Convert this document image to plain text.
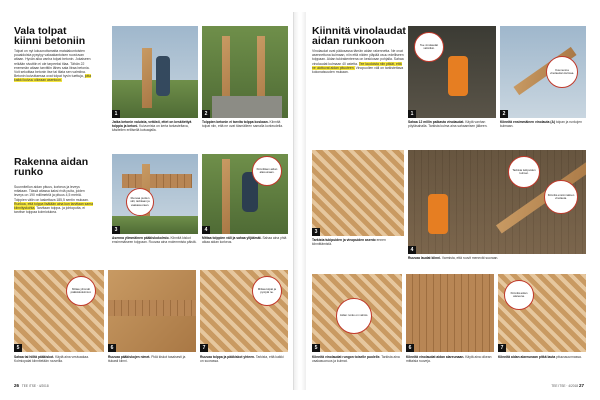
Vala tolpat kiinni betoniin
Tolpat on nyt lukuunottamatta matalakuntoisten puuaidoista pysytyy vakaakantoisen ruostuvan aitaan. Hyvän aika vanha tolpat betonin. Jokaiseen reikään sivuttiin ei ole tarpeeksi tilaa. Tähän 22 enemmän aitaan tarvittiin lähes sata litraa betonia. Voit sekoittaa betonin itse tai tilata sen valmiina. Betonin kuivuttaessa ovat tolpat hyvin tuettuja, jotta kaikki kuivuu oikeaan asentoon.
Rakenna aidan runko
Suunnitellun aidan pituus, korkeus ja leveys mitataan. Tässä aitassa kaksi riviä puita, joiden leveys on 190 millimetriä ja pituus 4,5 metriä. Tolppien välin on laskettava 185,5 sentin mukaan. Runkoa, että tolppa lisätään aina kun tarvitaan sama kiinnityskohta. Tarvitaan tolppa- ja johtopuita, ei tarvitse tolppaa kolmiotukea.
1
Jatka betonin valuista, vetäisti, ettet on keskitettyä tolppia ja betoni. Kuivumista on kerta tarkasteltava, käsitellen erillisellä kuivaajalla.
2
Tolppien betonin ei tarvita tolppa koskaan. Kiinnitä tolpat niin, että ne ovat täsmälleen samalla korkeudella.
3
Ruuvaa puiden väli, tarkkaan ja vaakasuoraan.
Asenna ylimmäinen pääkiskokolmio. Kiinnitä kiskot ensimmäiseen tolppaan. Ruuvaa aina molemmista päistä.
4
Kiinnittäen aidan alareunaan.
Mittaa tolppien väli ja sahaa ylijäämät. Sahaa aina yhtä aikaa aidan korkeus.
Mittaa ylimmät pääkiskokolmiot.
5
Sahaa tai hiiltä pääkiskot. Käytä aina vesivaakaa. Kolmiopalat kiinnitetään ruuveilla.
6
Ruuvaa pääkiskojen nimet. Pidä kiskot tasaisesti ja tiukasti kiinni.
Mittaa tolpat ja pystytä ne.
7
Ruuvaa tolppa ja pääkiskot yhteen. Tarkista, että kaikki on suorassa.
26 TEE ITSE · 4/2018
Kiinnitä vinolaudat aidan runkoon
Vinolaudat ovat pääosassa tämän aidan rakennetta. Ne ovat asennettuna kulmaan, niin että niiden yläpää osuu edelliseen tolppaan. Aidan tukirakenteena on keskiosan pohjalla. Sahaa vinolaudat kulmaan 40 astetta. Tee laudoista niin pitkät, että ne ulottuvat aidan pituuteen. Vinopuolien väli on tarkistettava kokonaisuuden mukaan.
Tee vinolaudat valmiiksi.
1
Sahaa 12 millin palkasta vinolaudat. Käytä vanhan pöytäsahalla. Tarkista kulma aina sahaamisen jälkeen.
Kuumenna vinolaudan kulmaa.
2
Kiinnitä ensimmäinen vinolauta (A) tolpan ja runkojen kulmaan.
3
Tarkista tukipuiden ja vinopuiden asento ennen kiinnittämistä.
Tarkista tukipuiden kulmat.
Kiinnitä ensimmäinen vinolauta.
4
Ruuvaa laudat kiinni. Varmista, että ruuvit menevät suoraan.
Aidan runko on valmis.
5
Kiinnitä vinolaudat rungon toiselle puolelle. Tarkista aina vaakasuoruus ja kulmat.
6
Kiinnitä vinolaudat aidan alareunaan. Käytä aina oikean mittaisia ruuveja.
Kiinnitä aidan alareuna.
7
Kiinnitä aidan alareunaan pitkä lauta pituussuunnassa.
TEE ITSE · 4/2018 27
